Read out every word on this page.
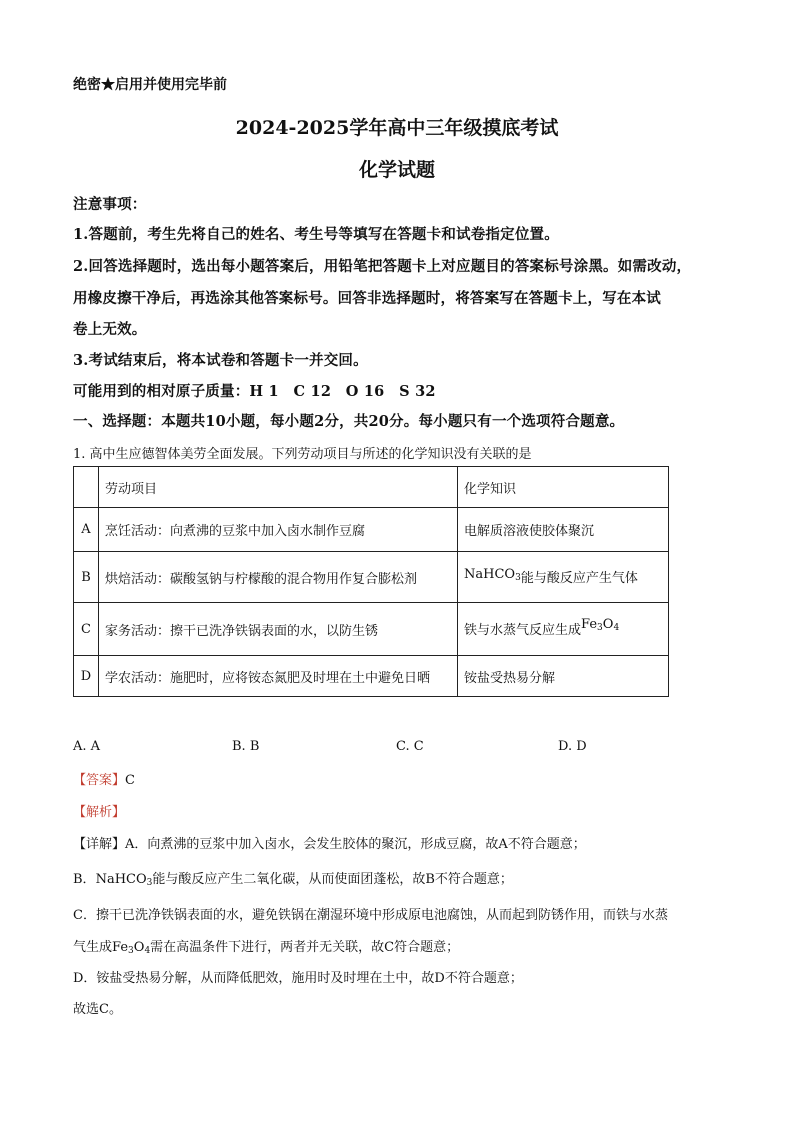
绝密★启用并使用完毕前
2024-2025学年高中三年级摸底考试
化学试题
注意事项：
1.答题前，考生先将自己的姓名、考生号等填写在答题卡和试卷指定位置。
2.回答选择题时，选出每小题答案后，用铅笔把答题卡上对应题目的答案标号涂黑。如需改动，
用橡皮擦干净后，再选涂其他答案标号。回答非选择题时，将答案写在答题卡上，写在本试
卷上无效。
3.考试结束后，将本试卷和答题卡一并交回。
可能用到的相对原子质量：H 1　C 12　O 16　S 32
一、选择题：本题共10小题，每小题2分，共20分。每小题只有一个选项符合题意。
1. 高中生应德智体美劳全面发展。下列劳动项目与所述的化学知识没有关联的是
	劳动项目	化学知识
A	烹饪活动：向煮沸的豆浆中加入卤水制作豆腐	电解质溶液使胶体聚沉
B	烘焙活动：碳酸氢钠与柠檬酸的混合物用作复合膨松剂	NaHCO$_3$能与酸反应产生气体
C	家务活动：擦干已洗净铁锅表面的水，以防生锈	铁与水蒸气反应生成$Fe_3O_4$
D	学农活动：施肥时，应将铵态氮肥及时埋在土中避免日晒	铵盐受热易分解
A. A	B. B	C. C	D. D
【答案】C
【解析】
【详解】A．向煮沸的豆浆中加入卤水，会发生胶体的聚沉，形成豆腐，故A不符合题意；
B．NaHCO$_3$能与酸反应产生二氧化碳，从而使面团蓬松，故B不符合题意；
C．擦干已洗净铁锅表面的水，避免铁锅在潮湿环境中形成原电池腐蚀，从而起到防锈作用，而铁与水蒸
气生成$Fe_3O_4$需在高温条件下进行，两者并无关联，故C符合题意；
D．铵盐受热易分解，从而降低肥效，施用时及时埋在土中，故D不符合题意；
故选C。
